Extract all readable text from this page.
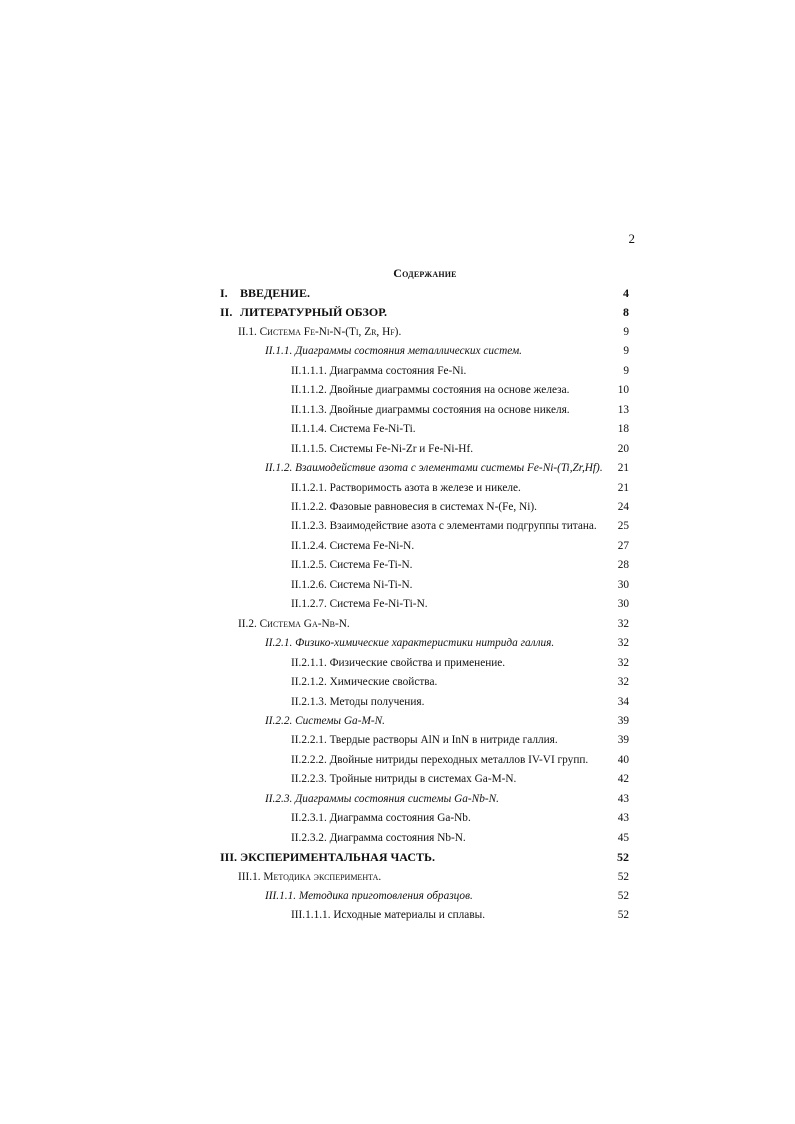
2
Содержание
I. ВВЕДЕНИЕ.	4
II. ЛИТЕРАТУРНЫЙ ОБЗОР.	8
II.1. Система Fe-Ni-N-(Ti, Zr, Hf).	9
II.1.1. Диаграммы состояния металлических систем.	9
II.1.1.1. Диаграмма состояния Fe-Ni.	9
II.1.1.2. Двойные диаграммы состояния на основе железа.	10
II.1.1.3. Двойные диаграммы состояния на основе никеля.	13
II.1.1.4. Система Fe-Ni-Ti.	18
II.1.1.5. Системы Fe-Ni-Zr и Fe-Ni-Hf.	20
II.1.2. Взаимодействие азота с элементами системы Fe-Ni-(Ti,Zr,Hf). 21
II.1.2.1. Растворимость азота в железе и никеле.	21
II.1.2.2. Фазовые равновесия в системах N-(Fe, Ni).	24
II.1.2.3. Взаимодействие азота с элементами подгруппы титана. 25
II.1.2.4. Система Fe-Ni-N.	27
II.1.2.5. Система Fe-Ti-N.	28
II.1.2.6. Система Ni-Ti-N.	30
II.1.2.7. Система Fe-Ni-Ti-N.	30
II.2. Система Ga-Nb-N.	32
II.2.1. Физико-химические характеристики нитрида галлия.	32
II.2.1.1. Физические свойства и применение.	32
II.2.1.2. Химические свойства.	32
II.2.1.3. Методы получения.	34
II.2.2. Системы Ga-M-N.	39
II.2.2.1. Твердые растворы AlN и InN в нитриде галлия.	39
II.2.2.2. Двойные нитриды переходных металлов IV-VI групп.	40
II.2.2.3. Тройные нитриды в системах Ga-M-N.	42
II.2.3. Диаграммы состояния системы Ga-Nb-N.	43
II.2.3.1. Диаграмма состояния Ga-Nb.	43
II.2.3.2. Диаграмма состояния Nb-N.	45
III. ЭКСПЕРИМЕНТАЛЬНАЯ ЧАСТЬ.	52
III.1. Методика эксперимента.	52
III.1.1. Методика приготовления образцов.	52
III.1.1.1. Исходные материалы и сплавы.	52
